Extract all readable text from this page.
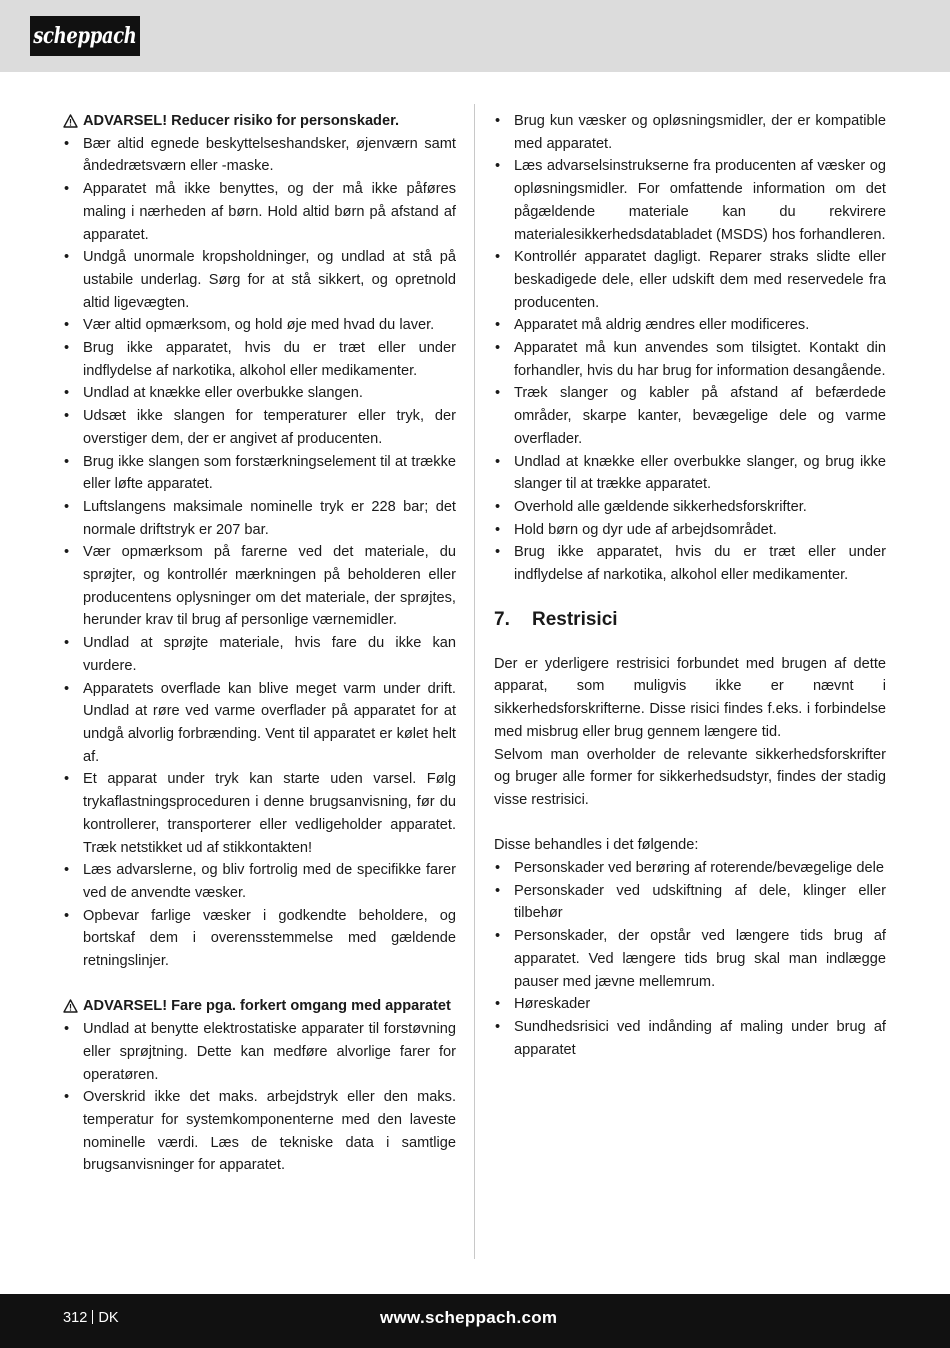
scheppach
ADVARSEL! Reducer risiko for personskader.
• Bær altid egnede beskyttelseshandsker, øjenværn samt åndedrætsværn eller -maske.
• Apparatet må ikke benyttes, og der må ikke påføres maling i nærheden af børn. Hold altid børn på afstand af apparatet.
• Undgå unormale kropsholdninger, og undlad at stå på ustabile underlag. Sørg for at stå sikkert, og opretnold altid ligevægten.
• Vær altid opmærksom, og hold øje med hvad du laver.
• Brug ikke apparatet, hvis du er træt eller under indflydelse af narkotika, alkohol eller medikamenter.
• Undlad at knække eller overbukke slangen.
• Udsæt ikke slangen for temperaturer eller tryk, der overstiger dem, der er angivet af producenten.
• Brug ikke slangen som forstærkningselement til at trække eller løfte apparatet.
• Luftslangens maksimale nominelle tryk er 228 bar; det normale driftstryk er 207 bar.
• Vær opmærksom på farerne ved det materiale, du sprøjter, og kontrollér mærkningen på beholderen eller producentens oplysninger om det materiale, der sprøjtes, herunder krav til brug af personlige værnemidler.
• Undlad at sprøjte materiale, hvis fare du ikke kan vurdere.
• Apparatets overflade kan blive meget varm under drift. Undlad at røre ved varme overflader på apparatet for at undgå alvorlig forbrænding. Vent til apparatet er kølet helt af.
• Et apparat under tryk kan starte uden varsel. Følg trykaflastningsproceduren i denne brugsanvisning, før du kontrollerer, transporterer eller vedligeholder apparatet. Træk netstikket ud af stikkontakten!
• Læs advarslerne, og bliv fortrolig med de specifikke farer ved de anvendte væsker.
• Opbevar farlige væsker i godkendte beholdere, og bortskaf dem i overensstemmelse med gældende retningslinjer.
ADVARSEL! Fare pga. forkert omgang med apparatet
• Undlad at benytte elektrostatiske apparater til forstøvning eller sprøjtning. Dette kan medføre alvorlige farer for operatøren.
• Overskrid ikke det maks. arbejdstryk eller den maks. temperatur for systemkomponenterne med den laveste nominelle værdi. Læs de tekniske data i samtlige brugsanvisninger for apparatet.
• Brug kun væsker og opløsningsmidler, der er kompatible med apparatet.
• Læs advarselsinstrukserne fra producenten af væsker og opløsningsmidler. For omfattende information om det pågældende materiale kan du rekvirere materialesikkerhedsdatabladet (MSDS) hos forhandleren.
• Kontrollér apparatet dagligt. Reparer straks slidte eller beskadigede dele, eller udskift dem med reservedele fra producenten.
• Apparatet må aldrig ændres eller modificeres.
• Apparatet må kun anvendes som tilsigtet. Kontakt din forhandler, hvis du har brug for information desangående.
• Træk slanger og kabler på afstand af befærdede områder, skarpe kanter, bevægelige dele og varme overflader.
• Undlad at knække eller overbukke slanger, og brug ikke slanger til at trække apparatet.
• Overhold alle gældende sikkerhedsforskrifter.
• Hold børn og dyr ude af arbejdsområdet.
• Brug ikke apparatet, hvis du er træt eller under indflydelse af narkotika, alkohol eller medikamenter.
7.	Restrisici

Der er yderligere restrisici forbundet med brugen af dette apparat, som muligvis ikke er nævnt i sikkerhedsforskrifterne. Disse risici findes f.eks. i forbindelse med misbrug eller brug gennem længere tid.

Selvom man overholder de relevante sikkerhedsforskrifter og bruger alle former for sikkerhedsudstyr, findes der stadig visse restrisici.

Disse behandles i det følgende:

• Personskader ved berøring af roterende/bevægelige dele
• Personskader ved udskiftning af dele, klinger eller tilbehør
• Personskader, der opstår ved længere tids brug af apparatet. Ved længere tids brug skal man indlægge pauser med jævne mellemrum.
• Høreskader
• Sundhedsrisici ved indånding af maling under brug af apparatet
312 DK	www.scheppach.com
